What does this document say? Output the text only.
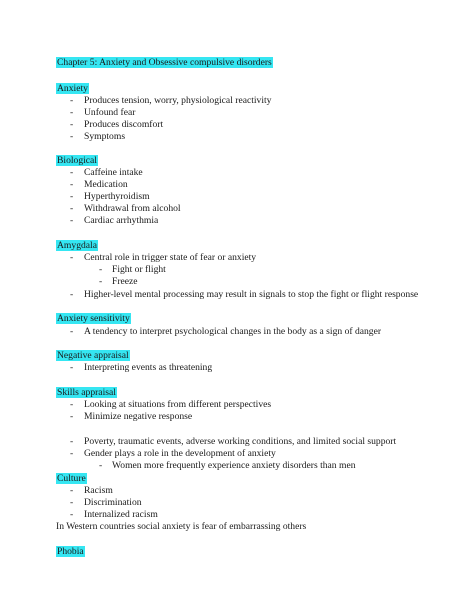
Chapter 5: Anxiety and Obsessive compulsive disorders
Anxiety
- Produces tension, worry, physiological reactivity
- Unfound fear
- Produces discomfort
- Symptoms
Biological
- Caffeine intake
- Medication
- Hyperthyroidism
- Withdrawal from alcohol
- Cardiac arrhythmia
Amygdala
- Central role in trigger state of fear or anxiety
- Fight or flight
- Freeze
- Higher-level mental processing may result in signals to stop the fight or flight response
Anxiety sensitivity
- A tendency to interpret psychological changes in the body as a sign of danger
Negative appraisal
- Interpreting events as threatening
Skills appraisal
- Looking at situations from different perspectives
- Minimize negative response
- Poverty, traumatic events, adverse working conditions, and limited social support
- Gender plays a role in the development of anxiety
- Women more frequently experience anxiety disorders than men
Culture
- Racism
- Discrimination
- Internalized racism
In Western countries social anxiety is fear of embarrassing others
Phobia
